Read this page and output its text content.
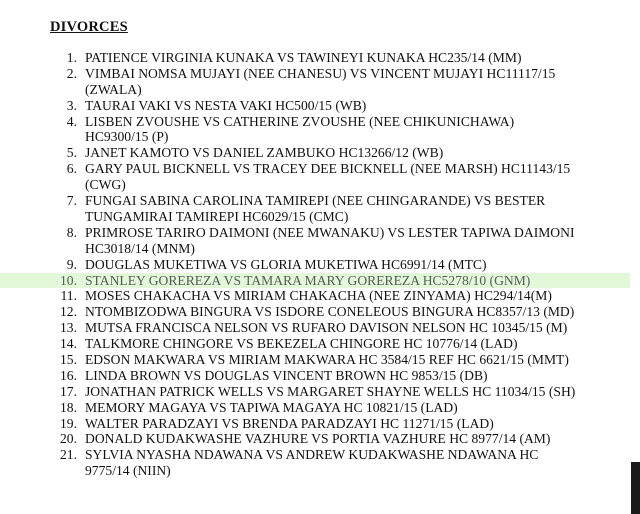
DIVORCES
1. PATIENCE VIRGINIA KUNAKA VS TAWINEYI KUNAKA HC235/14 (MM)
2. VIMBAI NOMSA MUJAYI (NEE CHANESU) VS VINCENT MUJAYI HC11117/15
(ZWALA)
3. TAURAI VAKI VS NESTA VAKI HC500/15 (WB)
4. LISBEN ZVOUSHE VS CATHERINE ZVOUSHE (NEE CHIKUNICHAWA)
HC9300/15 (P)
5. JANET KAMOTO VS DANIEL ZAMBUKO HC13266/12 (WB)
6. GARY PAUL BICKNELL VS TRACEY DEE BICKNELL (NEE MARSH) HC11143/15
(CWG)
7. FUNGAI SABINA CAROLINA TAMIREPI (NEE CHINGARANDE) VS BESTER
TUNGAMIRAI TAMIREPI HC6029/15 (CMC)
8. PRIMROSE TARIRO DAIMONI (NEE MWANAKU) VS LESTER TAPIWA DAIMONI
HC3018/14 (MNM)
9. DOUGLAS MUKETIWA VS GLORIA MUKETIWA HC6991/14 (MTC)
10. STANLEY GOREREZA VS TAMARA MARY GOREREZA HC5278/10 (GNM)
11. MOSES CHAKACHA VS MIRIAM CHAKACHA (NEE ZINYAMA) HC294/14(M)
12. NTOMBIZODWA BINGURA VS ISDORE CONELEOUS BINGURA HC8357/13 (MD)
13. MUTSA FRANCISCA NELSON VS RUFARO DAVISON NELSON HC 10345/15 (M)
14. TALKMORE CHINGORE VS BEKEZELA CHINGORE HC 10776/14 (LAD)
15. EDSON MAKWARA VS MIRIAM MAKWARA HC 3584/15 REF HC 6621/15 (MMT)
16. LINDA BROWN VS DOUGLAS VINCENT BROWN HC 9853/15 (DB)
17. JONATHAN PATRICK WELLS VS MARGARET SHAYNE WELLS HC 11034/15 (SH)
18. MEMORY MAGAYA VS TAPIWA MAGAYA HC 10821/15 (LAD)
19. WALTER PARADZAYI VS BRENDA PARADZAYI HC 11271/15 (LAD)
20. DONALD KUDAKWASHE VAZHURE VS PORTIA VAZHURE HC 8977/14 (AM)
21. SYLVIA NYASHA NDAWANA VS ANDREW KUDAKWASHE NDAWANA HC
9775/14 (NIIN)
